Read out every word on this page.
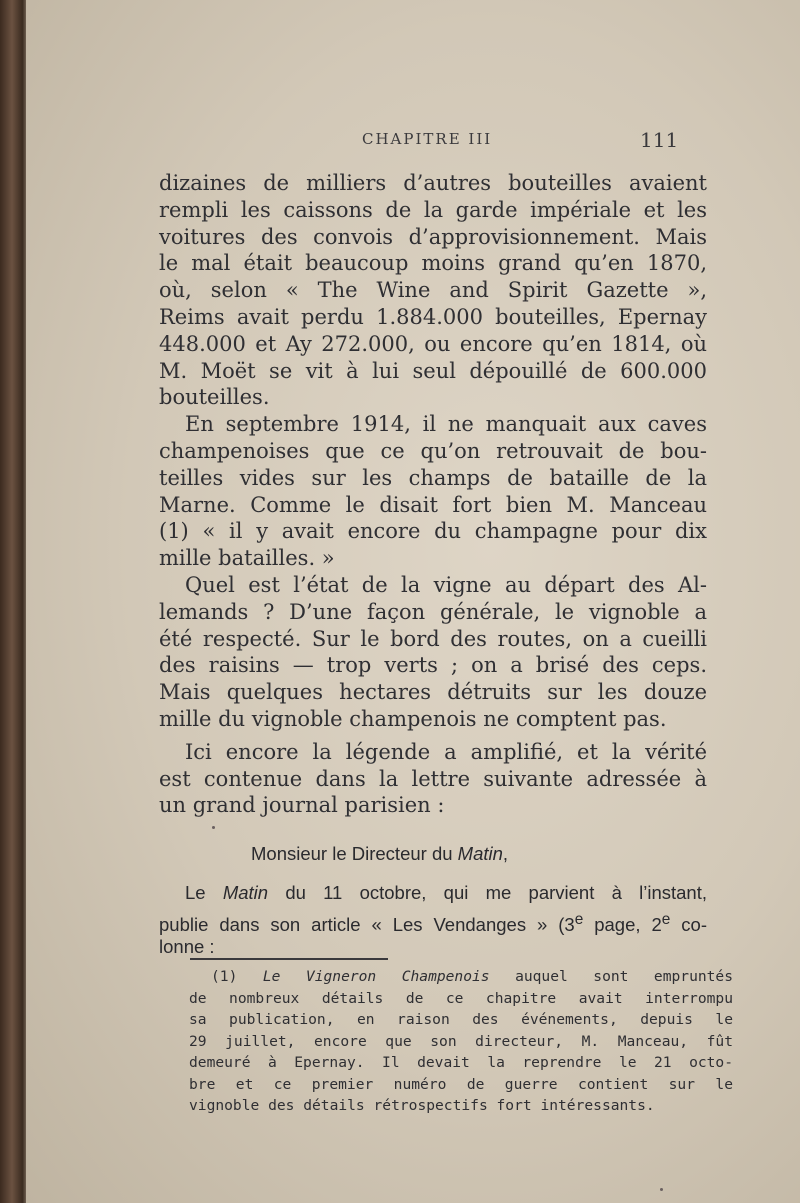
CHAPITRE III	111
dizaines de milliers d’autres bouteilles avaient
rempli les caissons de la garde impériale et les
voitures des convois d’approvisionnement. Mais
le mal était beaucoup moins grand qu’en 1870,
où, selon « The Wine and Spirit Gazette »,
Reims avait perdu 1.884.000 bouteilles, Epernay
448.000 et Ay 272.000, ou encore qu’en 1814, où
M. Moët se vit à lui seul dépouillé de 600.000
bouteilles.
En septembre 1914, il ne manquait aux caves
champenoises que ce qu’on retrouvait de bou-
teilles vides sur les champs de bataille de la
Marne. Comme le disait fort bien M. Manceau
(1) « il y avait encore du champagne pour dix
mille batailles. »
Quel est l’état de la vigne au départ des Al-
lemands ? D’une façon générale, le vignoble a
été respecté. Sur le bord des routes, on a cueilli
des raisins — trop verts ; on a brisé des ceps.
Mais quelques hectares détruits sur les douze
mille du vignoble champenois ne comptent pas.
Ici encore la légende a amplifié, et la vérité
est contenue dans la lettre suivante adressée à
un grand journal parisien :
Monsieur le Directeur du Matin,
Le Matin du 11 octobre, qui me parvient à l’instant,
publie dans son article « Les Vendanges » (3e page, 2e co-
lonne :
(1) Le Vigneron Champenois auquel sont empruntés
de nombreux détails de ce chapitre avait interrompu
sa publication, en raison des événements, depuis le
29 juillet, encore que son directeur, M. Manceau, fût
demeuré à Epernay. Il devait la reprendre le 21 octo-
bre et ce premier numéro de guerre contient sur le
vignoble des détails rétrospectifs fort intéressants.
